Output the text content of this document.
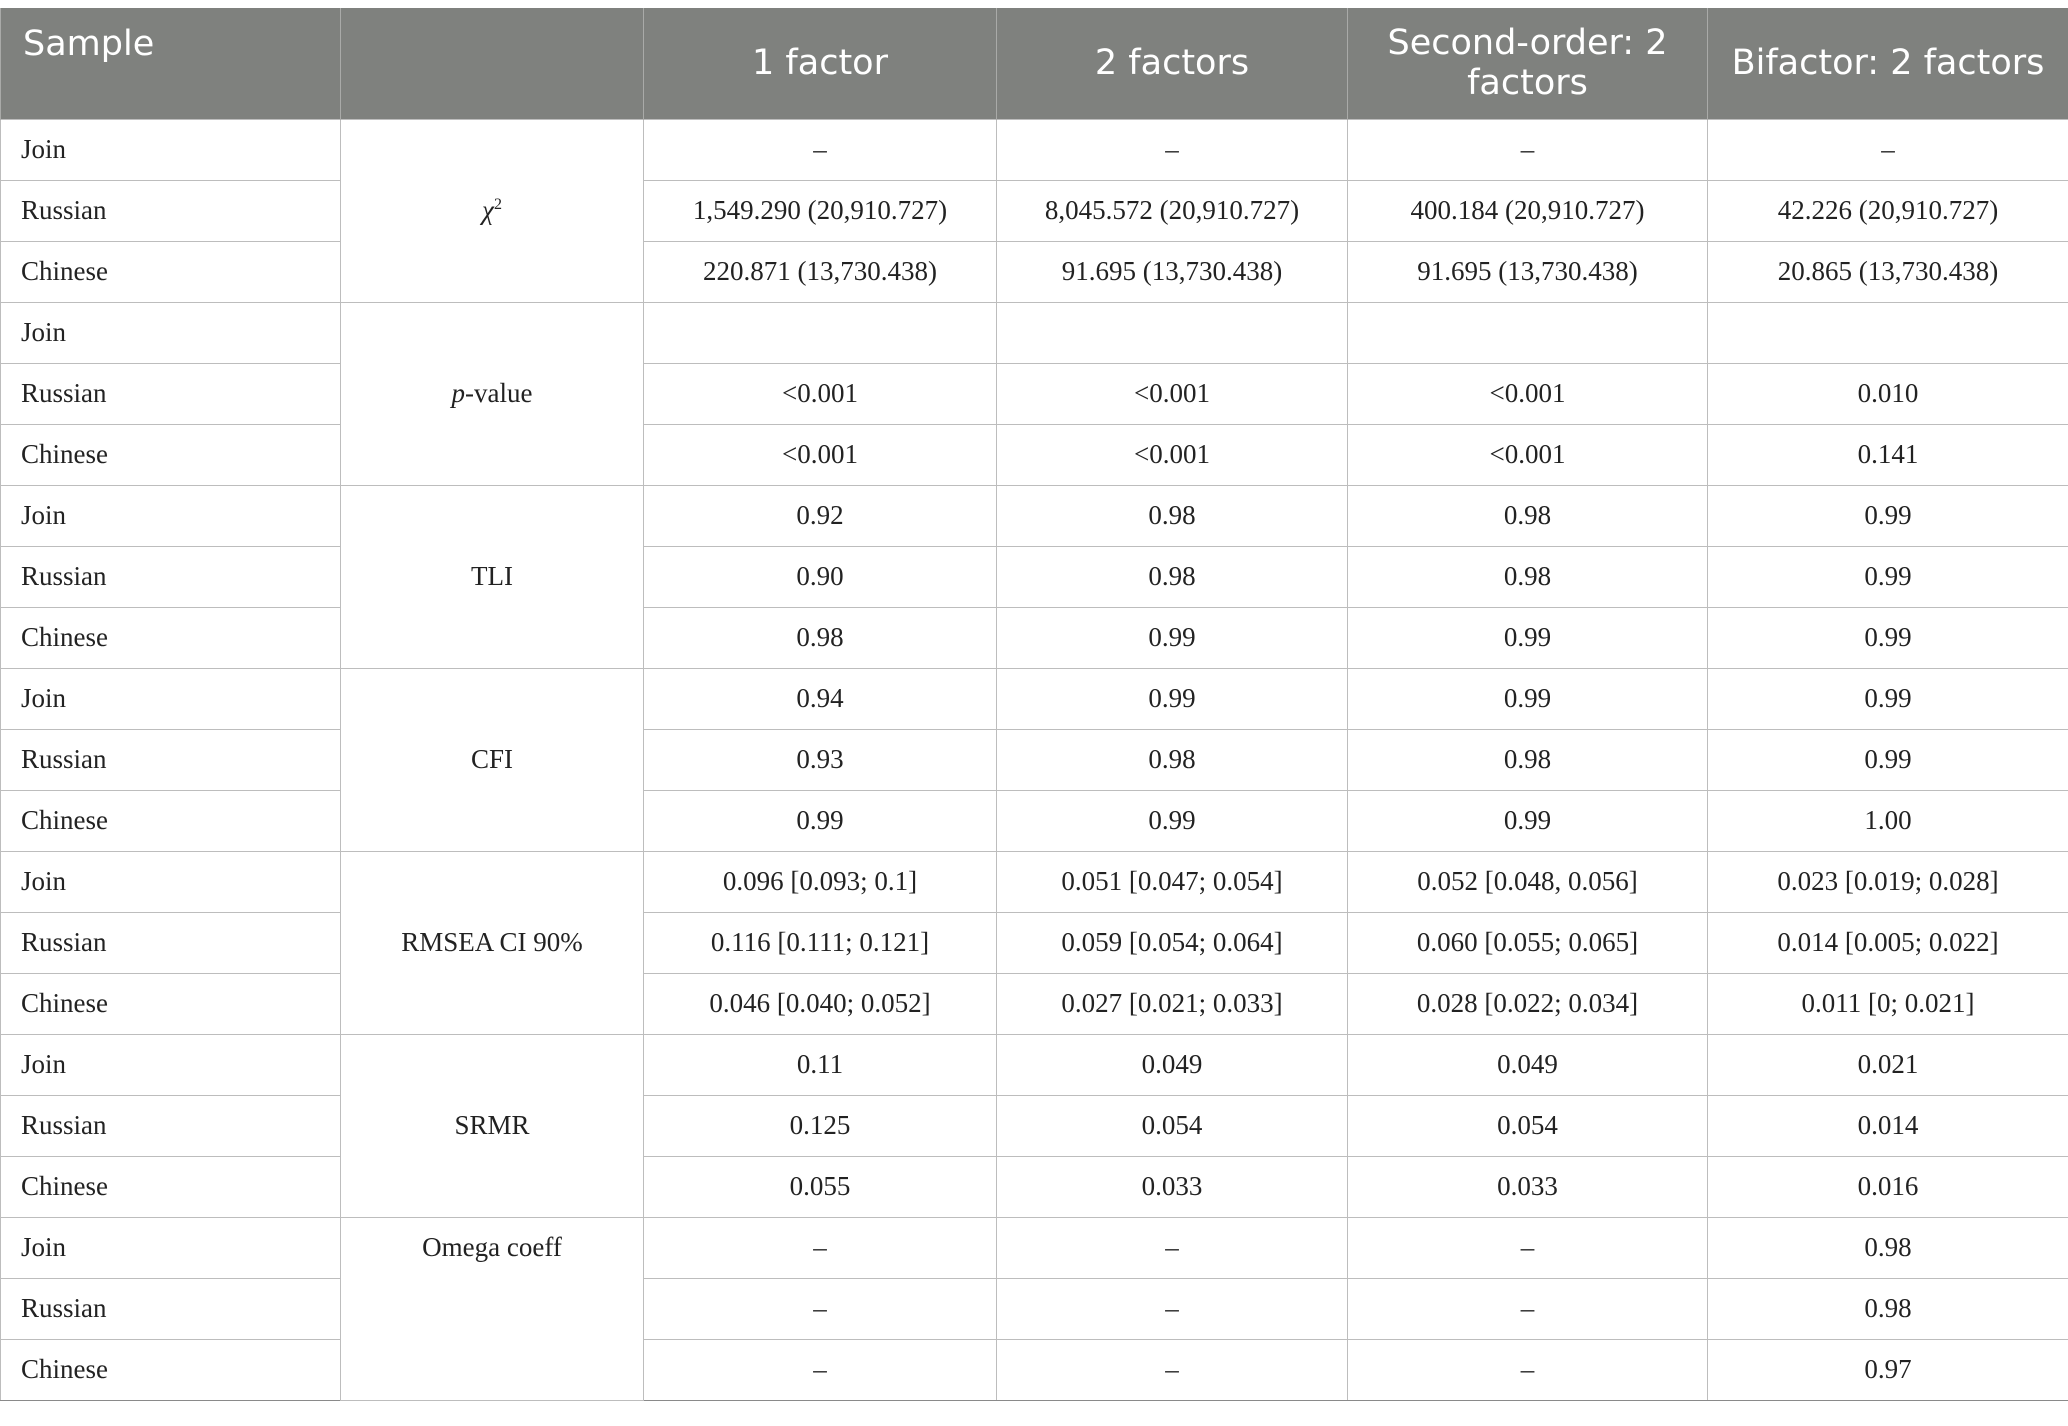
Sample		1 factor	2 factors	Second-order: 2 factors	Bifactor: 2 factors
Join	$\chi^2$	–	–	–	–
Russian		1,549.290 (20,910.727)	8,045.572 (20,910.727)	400.184 (20,910.727)	42.226 (20,910.727)
Chinese		220.871 (13,730.438)	91.695 (13,730.438)	91.695 (13,730.438)	20.865 (13,730.438)
Join	p-value				
Russian		<0.001	<0.001	<0.001	0.010
Chinese		<0.001	<0.001	<0.001	0.141
Join	TLI	0.92	0.98	0.98	0.99
Russian		0.90	0.98	0.98	0.99
Chinese		0.98	0.99	0.99	0.99
Join	CFI	0.94	0.99	0.99	0.99
Russian		0.93	0.98	0.98	0.99
Chinese		0.99	0.99	0.99	1.00
Join	RMSEA CI 90%	0.096 [0.093; 0.1]	0.051 [0.047; 0.054]	0.052 [0.048, 0.056]	0.023 [0.019; 0.028]
Russian		0.116 [0.111; 0.121]	0.059 [0.054; 0.064]	0.060 [0.055; 0.065]	0.014 [0.005; 0.022]
Chinese		0.046 [0.040; 0.052]	0.027 [0.021; 0.033]	0.028 [0.022; 0.034]	0.011 [0; 0.021]
Join	SRMR	0.11	0.049	0.049	0.021
Russian		0.125	0.054	0.054	0.014
Chinese		0.055	0.033	0.033	0.016
Join	Omega coeff	–	–	–	0.98
Russian		–	–	–	0.98
Chinese		–	–	–	0.97
